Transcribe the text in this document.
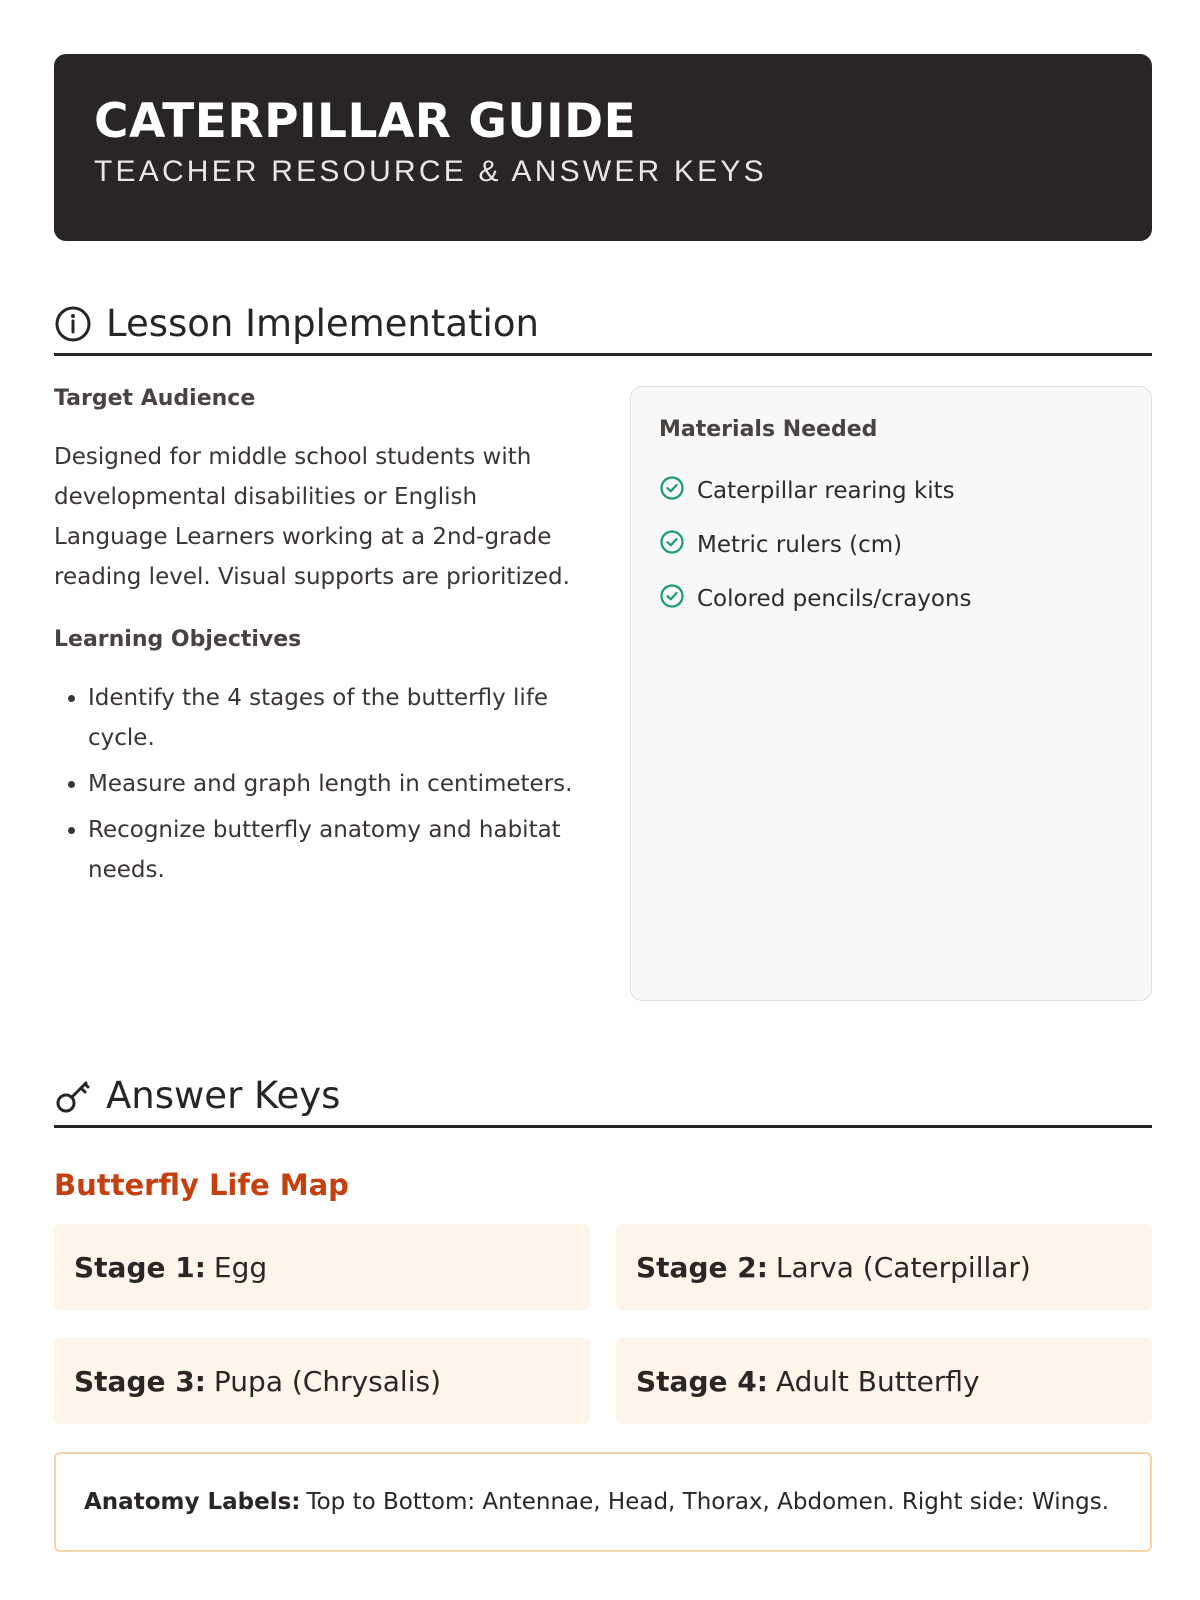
CATERPILLAR GUIDE
TEACHER RESOURCE & ANSWER KEYS
Lesson Implementation
Target Audience
Designed for middle school students with developmental disabilities or English Language Learners working at a 2nd-grade reading level. Visual supports are prioritized.
Learning Objectives
• Identify the 4 stages of the butterfly life cycle.
• Measure and graph length in centimeters.
• Recognize butterfly anatomy and habitat needs.
Materials Needed
Caterpillar rearing kits
Metric rulers (cm)
Colored pencils/crayons
Answer Keys
Butterfly Life Map
Stage 1: Egg	Stage 2: Larva (Caterpillar)
Stage 3: Pupa (Chrysalis)	Stage 4: Adult Butterfly
Anatomy Labels: Top to Bottom: Antennae, Head, Thorax, Abdomen. Right side: Wings.
